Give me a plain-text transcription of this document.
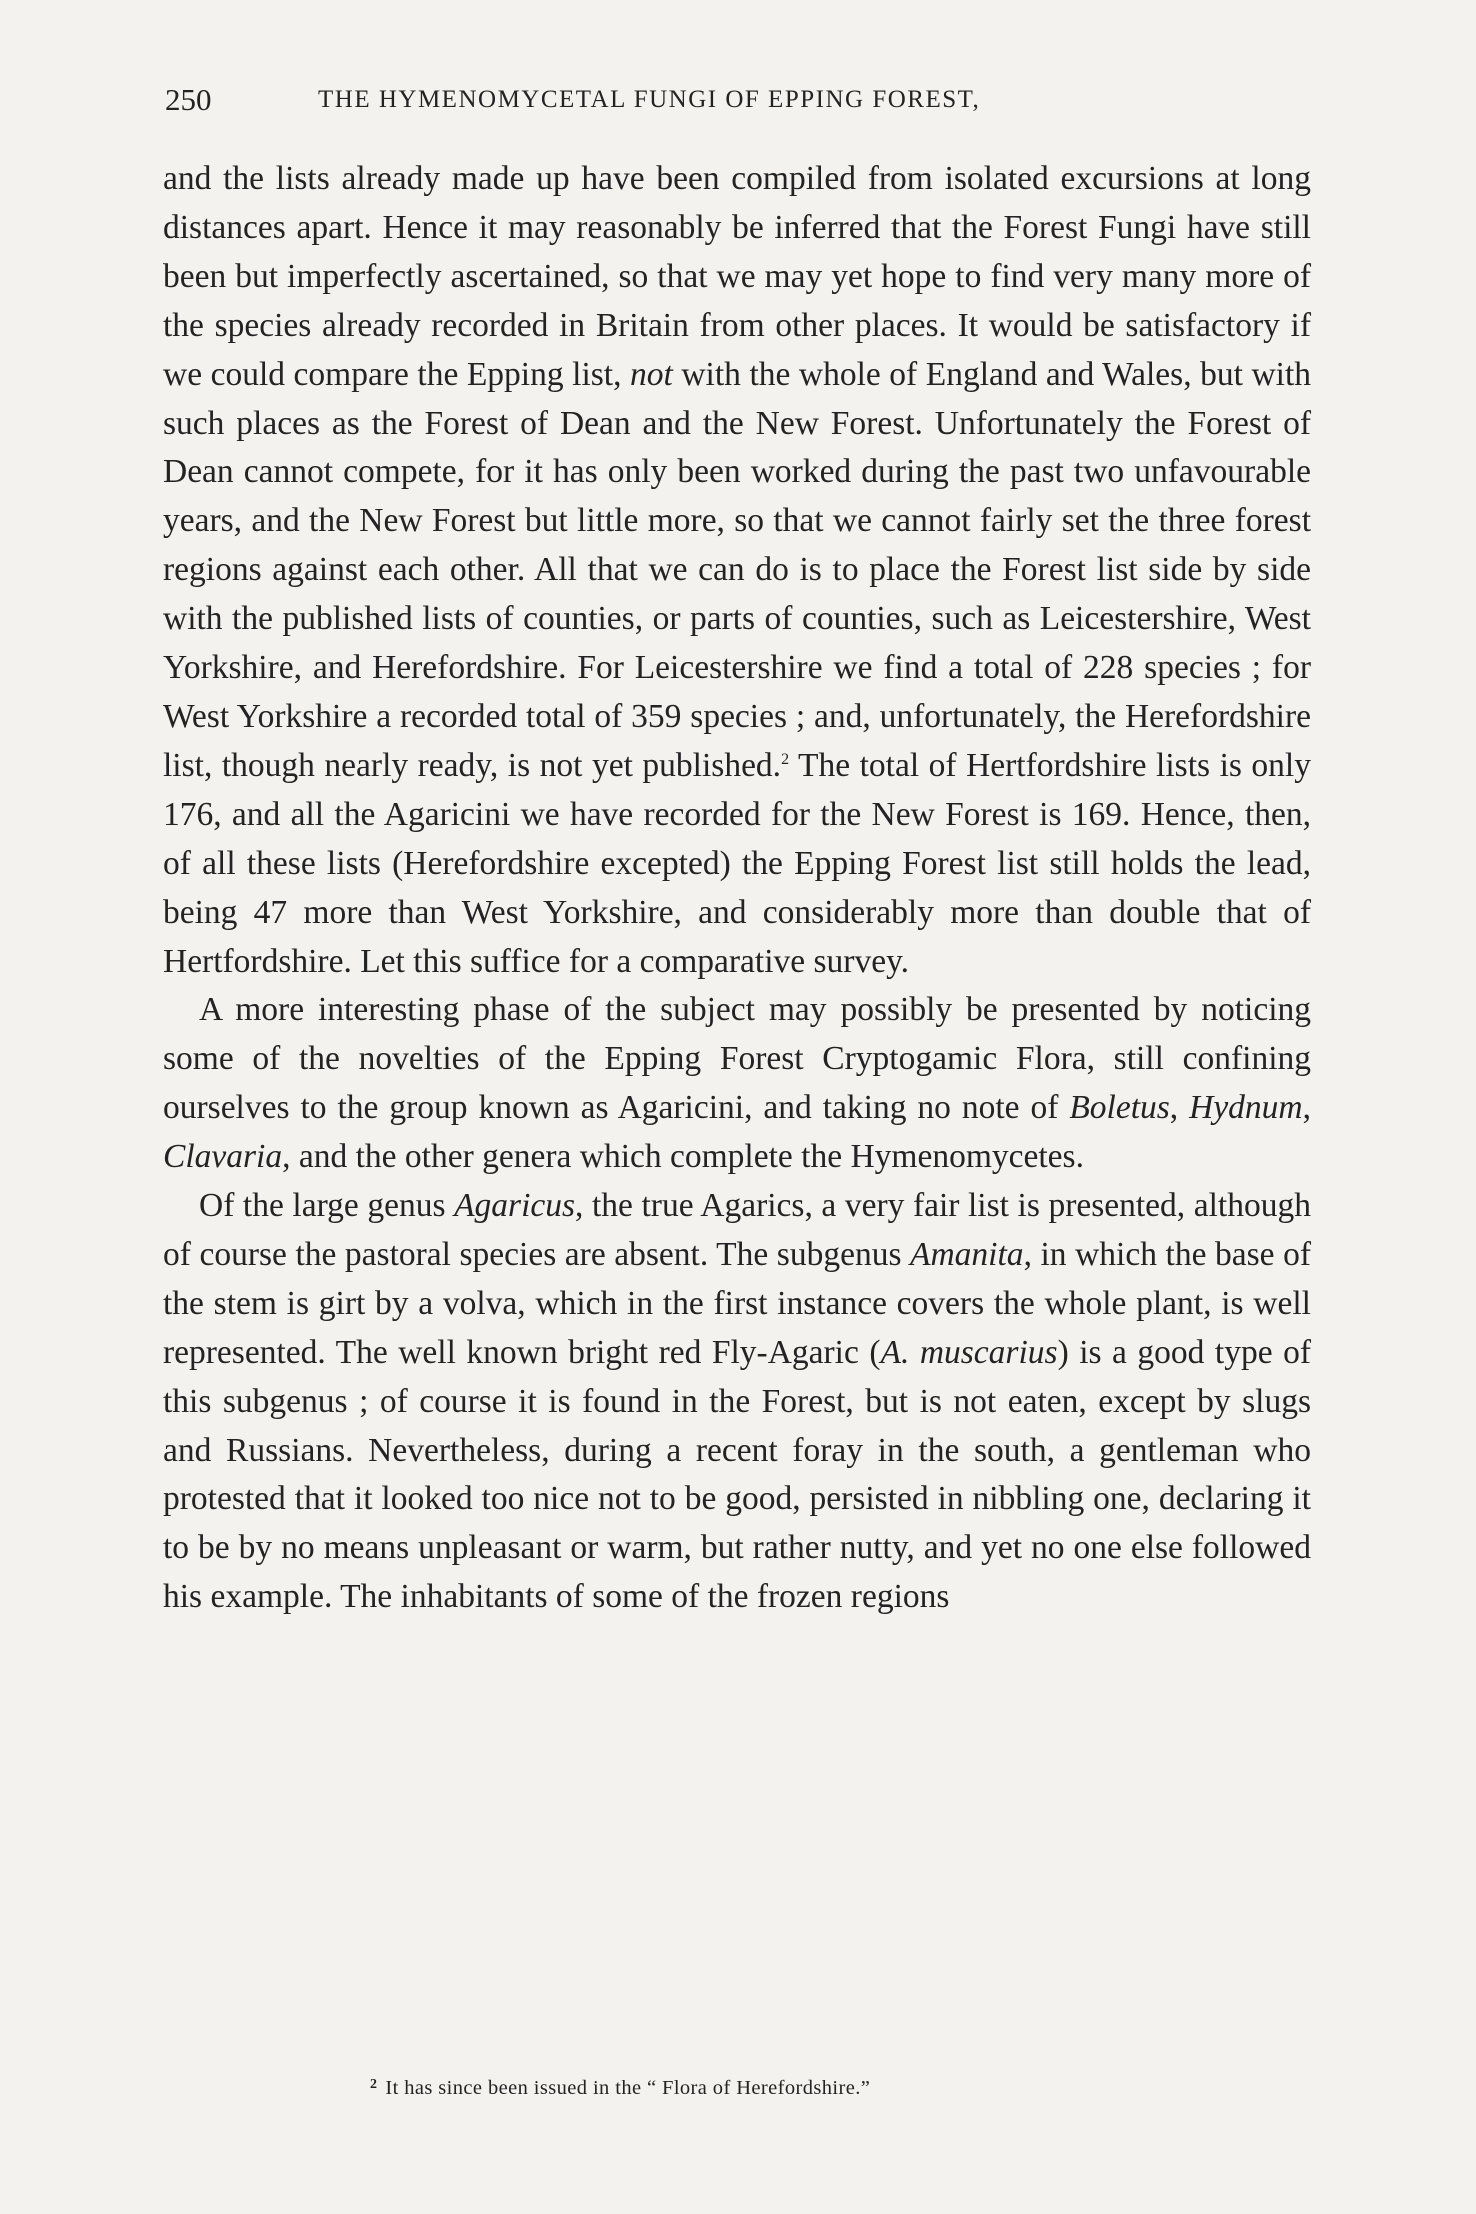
250	THE HYMENOMYCETAL FUNGI OF EPPING FOREST,

and the lists already made up have been compiled from isolated excursions at long distances apart. Hence it may reasonably be inferred that the Forest Fungi have still been but imperfectly ascertained, so that we may yet hope to find very many more of the species already recorded in Britain from other places. It would be satisfactory if we could compare the Epping list, not with the whole of England and Wales, but with such places as the Forest of Dean and the New Forest. Unfortunately the Forest of Dean cannot compete, for it has only been worked during the past two unfavourable years, and the New Forest but little more, so that we cannot fairly set the three forest regions against each other. All that we can do is to place the Forest list side by side with the published lists of counties, or parts of counties, such as Leicestershire, West Yorkshire, and Herefordshire. For Leicestershire we find a total of 228 species ; for West Yorkshire a recorded total of 359 species ; and, unfortunately, the Herefordshire list, though nearly ready, is not yet published.$^2$ The total of Hertfordshire lists is only 176, and all the Agaricini we have recorded for the New Forest is 169. Hence, then, of all these lists (Herefordshire excepted) the Epping Forest list still holds the lead, being 47 more than West Yorkshire, and considerably more than double that of Hertfordshire. Let this suffice for a comparative survey.

A more interesting phase of the subject may possibly be presented by noticing some of the novelties of the Epping Forest Cryptogamic Flora, still confining ourselves to the group known as Agaricini, and taking no note of Boletus, Hydnum, Clavaria, and the other genera which complete the Hymenomycetes.

Of the large genus Agaricus, the true Agarics, a very fair list is presented, although of course the pastoral species are absent. The subgenus Amanita, in which the base of the stem is girt by a volva, which in the first instance covers the whole plant, is well represented. The well known bright red Fly-Agaric (A. muscarius) is a good type of this subgenus ; of course it is found in the Forest, but is not eaten, except by slugs and Russians. Nevertheless, during a recent foray in the south, a gentleman who protested that it looked too nice not to be good, persisted in nibbling one, declaring it to be by no means unpleasant or warm, but rather nutty, and yet no one else followed his example. The inhabitants of some of the frozen regions

$^2$ It has since been issued in the “ Flora of Herefordshire.”
